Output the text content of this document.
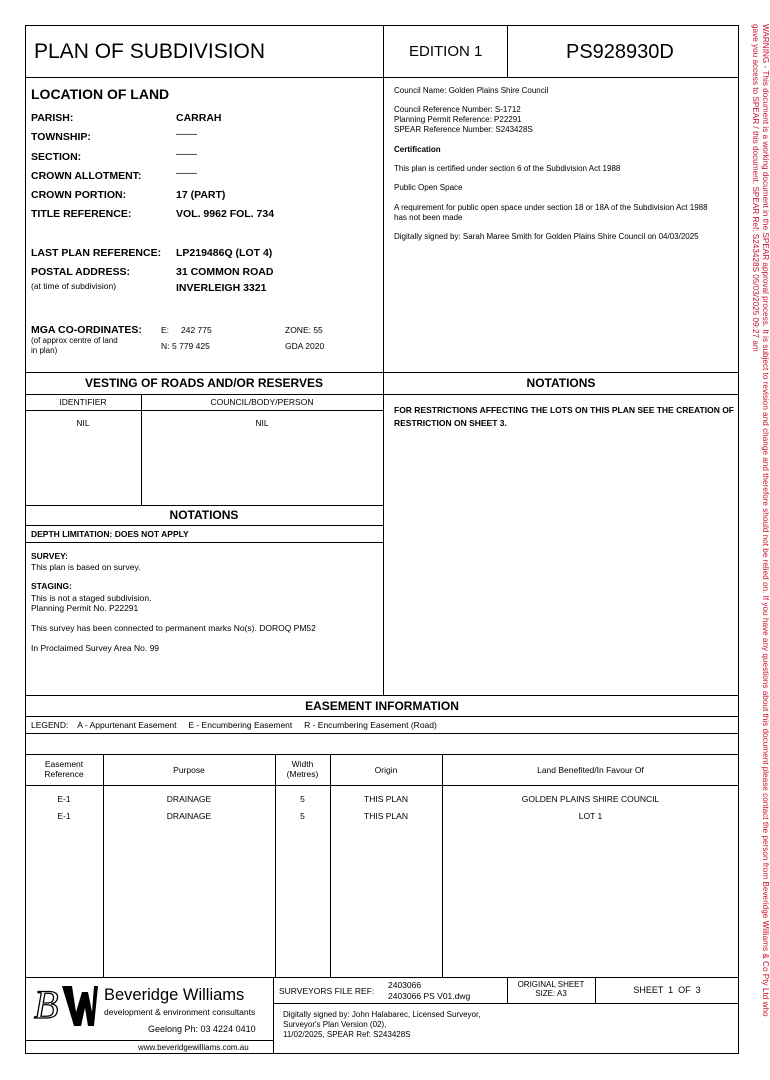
PLAN OF SUBDIVISION	EDITION 1	PS928930D	WARNING - This document is a working document in the SPEAR approval process. It is subject to revision and change and therefore should not be relied on. If you have any questions about this document please contact the person from Beveridge Williams & Co Pty Ltd who
gave you access to SPEAR / this document. SPEAR Ref: S243428S 05/03/2025 09:27 am
LOCATION OF LAND
PARISH:	CARRAH
TOWNSHIP:	——
SECTION:	——
CROWN ALLOTMENT:	——
CROWN PORTION:	17 (PART)
TITLE REFERENCE:	VOL. 9962 FOL. 734
LAST PLAN REFERENCE: LP219486Q (LOT 4)
POSTAL ADDRESS:
(at time of subdivision)
31 COMMON ROAD
INVERLEIGH 3321
MGA CO-ORDINATES:
(of approx centre of land
in plan)
E: 242 775
N: 5 779 425
ZONE: 55
GDA 2020
Council Name: Golden Plains Shire Council
Council Reference Number: S-1712
Planning Permit Reference: P22291
SPEAR Reference Number: S243428S
Certification
This plan is certified under section 6 of the Subdivision Act 1988
Public Open Space
A requirement for public open space under section 18 or 18A of the Subdivision Act 1988
has not been made
Digitally signed by: Sarah Maree Smith for Golden Plains Shire Council on 04/03/2025
VESTING OF ROADS AND/OR RESERVES
IDENTIFIER	COUNCIL/BODY/PERSON
NIL	NIL
NOTATIONS
FOR RESTRICTIONS AFFECTING THE LOTS ON THIS PLAN SEE THE CREATION OF
RESTRICTION ON SHEET 3.
NOTATIONS
DEPTH LIMITATION: DOES NOT APPLY
SURVEY:
This plan is based on survey.
STAGING:
This is not a staged subdivision.
Planning Permit No. P22291
This survey has been connected to permanent marks No(s). DOROQ PM52
In Proclaimed Survey Area No. 99
EASEMENT INFORMATION
LEGEND:    A - Appurtenant Easement     E - Encumbering Easement     R - Encumbering Easement (Road)
Easement
Reference	Purpose
Width
(Metres)	Origin	Land Benefited/In Favour Of
E-1	DRAINAGE	5	THIS PLAN	GOLDEN PLAINS SHIRE COUNCIL
E-1	DRAINAGE	5	THIS PLAN	LOT 1
B	Beveridge Williams
development & environment consultants
Geelong Ph: 03 4224 0410
www.beveridgewilliams.com.au
SURVEYORS FILE REF:
2403066
2403066 PS V01.dwg
ORIGINAL SHEET
SIZE: A3	SHEET  1  OF  3
Digitally signed by: John Halabarec, Licensed Surveyor,
Surveyor's Plan Version (02),
11/02/2025, SPEAR Ref: S243428S
